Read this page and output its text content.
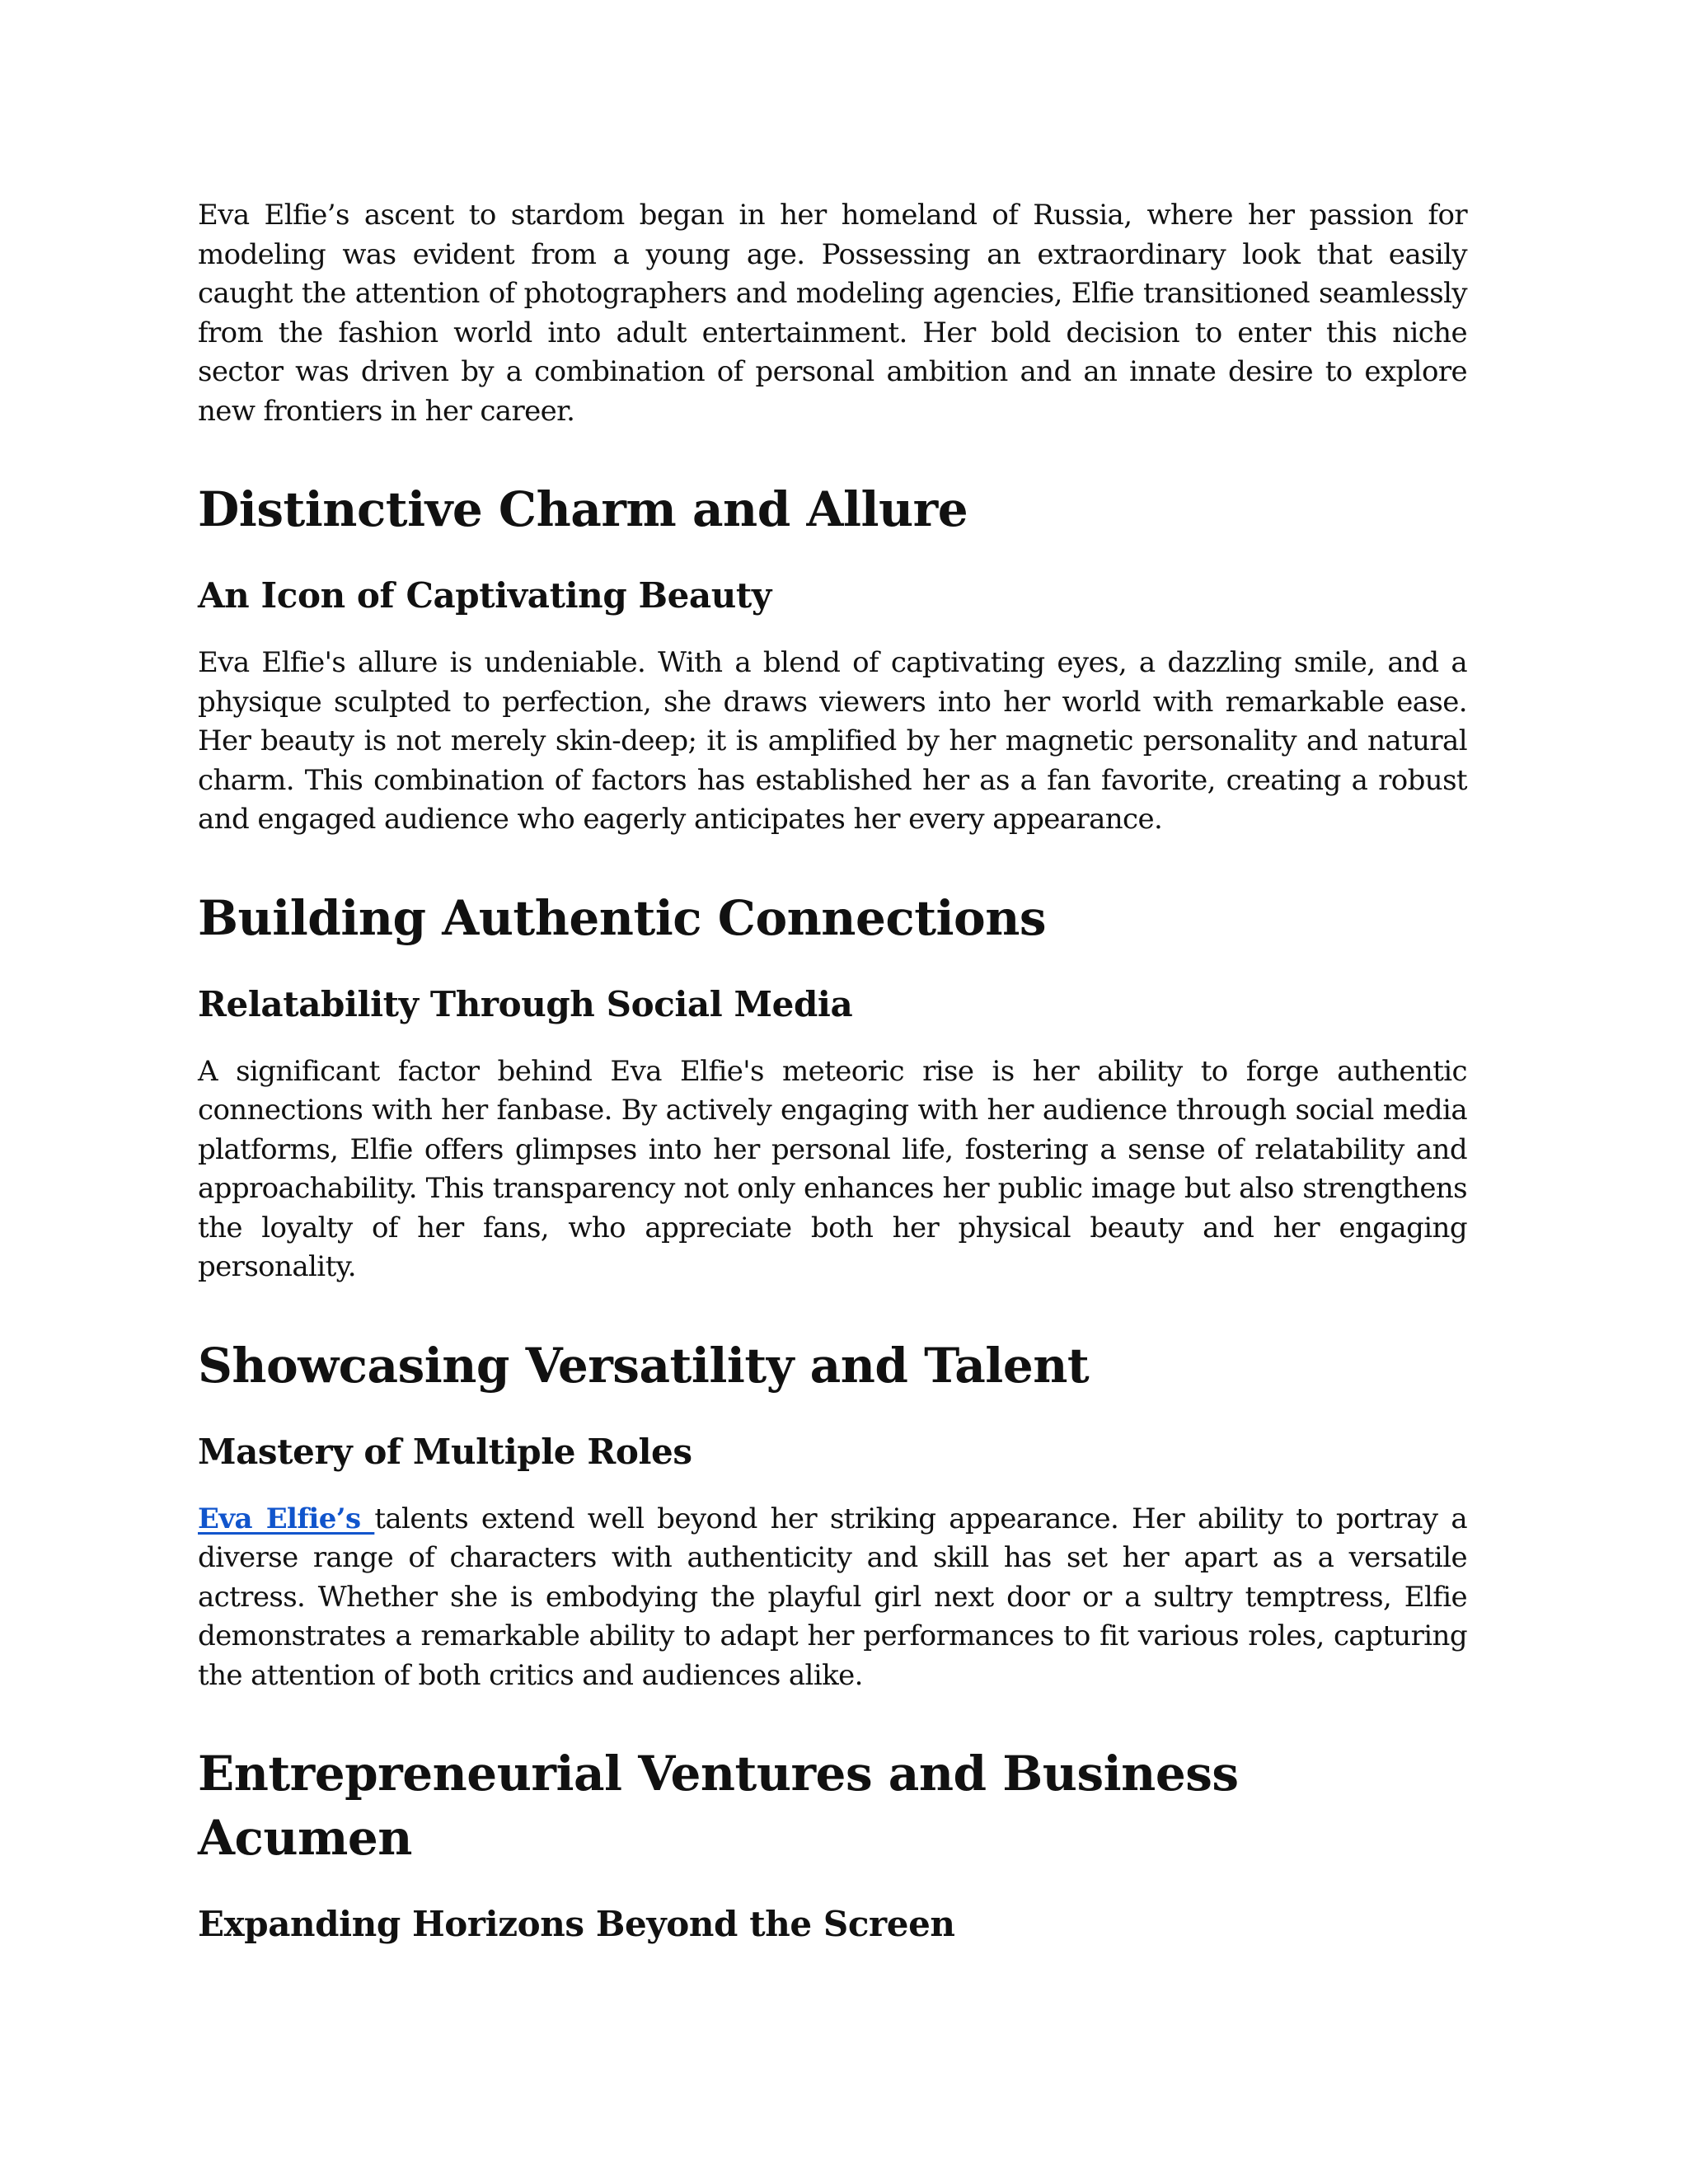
Eva Elfie’s ascent to stardom began in her homeland of Russia, where her passion for modeling was evident from a young age. Possessing an extraordinary look that easily caught the attention of photographers and modeling agencies, Elfie transitioned seamlessly from the fashion world into adult entertainment. Her bold decision to enter this niche sector was driven by a combination of personal ambition and an innate desire to explore new frontiers in her career.

Distinctive Charm and Allure
An Icon of Captivating Beauty

Eva Elfie's allure is undeniable. With a blend of captivating eyes, a dazzling smile, and a physique sculpted to perfection, she draws viewers into her world with remarkable ease. Her beauty is not merely skin-deep; it is amplified by her magnetic personality and natural charm. This combination of factors has established her as a fan favorite, creating a robust and engaged audience who eagerly anticipates her every appearance.

Building Authentic Connections
Relatability Through Social Media

A significant factor behind Eva Elfie's meteoric rise is her ability to forge authentic connections with her fanbase. By actively engaging with her audience through social media platforms, Elfie offers glimpses into her personal life, fostering a sense of relatability and approachability. This transparency not only enhances her public image but also strengthens the loyalty of her fans, who appreciate both her physical beauty and her engaging personality.

Showcasing Versatility and Talent
Mastery of Multiple Roles

Eva Elfie’s talents extend well beyond her striking appearance. Her ability to portray a diverse range of characters with authenticity and skill has set her apart as a versatile actress. Whether she is embodying the playful girl next door or a sultry temptress, Elfie demonstrates a remarkable ability to adapt her performances to fit various roles, capturing the attention of both critics and audiences alike.

Entrepreneurial Ventures and Business Acumen
Expanding Horizons Beyond the Screen
